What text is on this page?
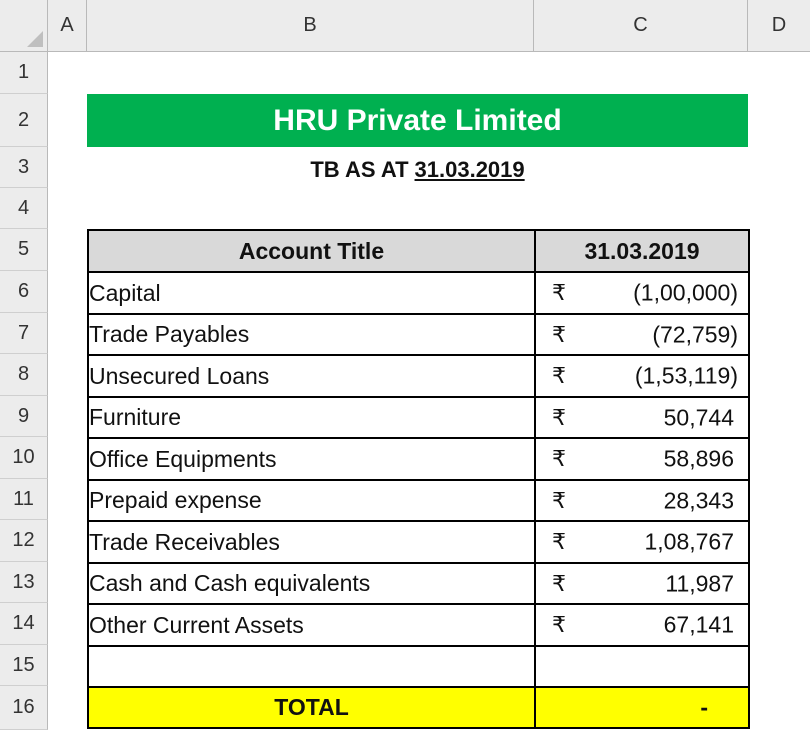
A	B	C	D
1
2
3
4
5
6
7
8
9
10
11
12
13
14
15
16
HRU Private Limited
TB AS AT 31.03.2019
Account Title	31.03.2019
Capital	₹ (1,00,000)

Trade Payables	₹ (72,759)

Unsecured Loans	₹ (1,53,119)

Furniture	₹ 50,744

Office Equipments	₹ 58,896

Prepaid expense	₹ 28,343

Trade Receivables	₹ 1,08,767

Cash and Cash equivalents	₹ 11,987

Other Current Assets	₹ 67,141

TOTAL	-
